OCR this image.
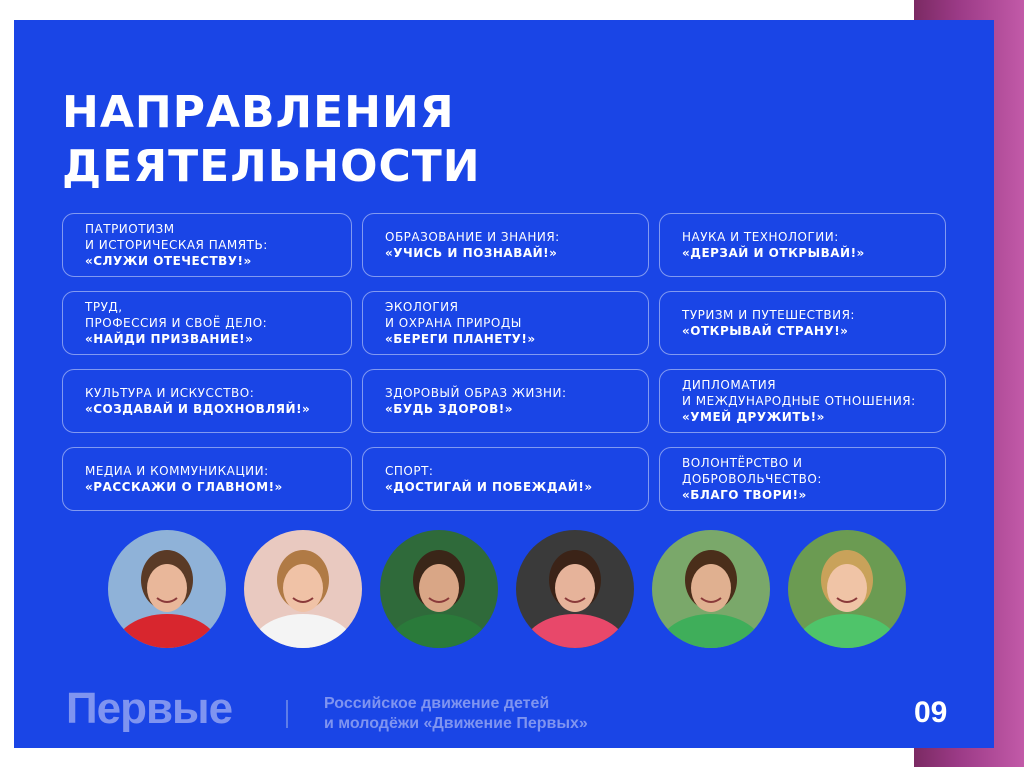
НАПРАВЛЕНИЯ
ДЕЯТЕЛЬНОСТИ
ПАТРИОТИЗМ
И ИСТОРИЧЕСКАЯ ПАМЯТЬ:
«СЛУЖИ ОТЕЧЕСТВУ!»
ОБРАЗОВАНИЕ И ЗНАНИЯ:
«УЧИСЬ И ПОЗНАВАЙ!»
НАУКА И ТЕХНОЛОГИИ:
«ДЕРЗАЙ И ОТКРЫВАЙ!»
ТРУД,
ПРОФЕССИЯ И СВОЁ ДЕЛО:
«НАЙДИ ПРИЗВАНИЕ!»
ЭКОЛОГИЯ
И ОХРАНА ПРИРОДЫ
«БЕРЕГИ ПЛАНЕТУ!»
ТУРИЗМ И ПУТЕШЕСТВИЯ:
«ОТКРЫВАЙ СТРАНУ!»
КУЛЬТУРА И ИСКУССТВО:
«СОЗДАВАЙ И ВДОХНОВЛЯЙ!»
ЗДОРОВЫЙ ОБРАЗ ЖИЗНИ:
«БУДЬ ЗДОРОВ!»
ДИПЛОМАТИЯ
И МЕЖДУНАРОДНЫЕ ОТНОШЕНИЯ:
«УМЕЙ ДРУЖИТЬ!»
МЕДИА И КОММУНИКАЦИИ:
«РАССКАЖИ О ГЛАВНОМ!»
СПОРТ:
«ДОСТИГАЙ И ПОБЕЖДАЙ!»
ВОЛОНТЁРСТВО И ДОБРОВОЛЬЧЕСТВО:
«БЛАГО ТВОРИ!»
Первые	Российское движение детей
и молодёжи «Движение Первых»	09
